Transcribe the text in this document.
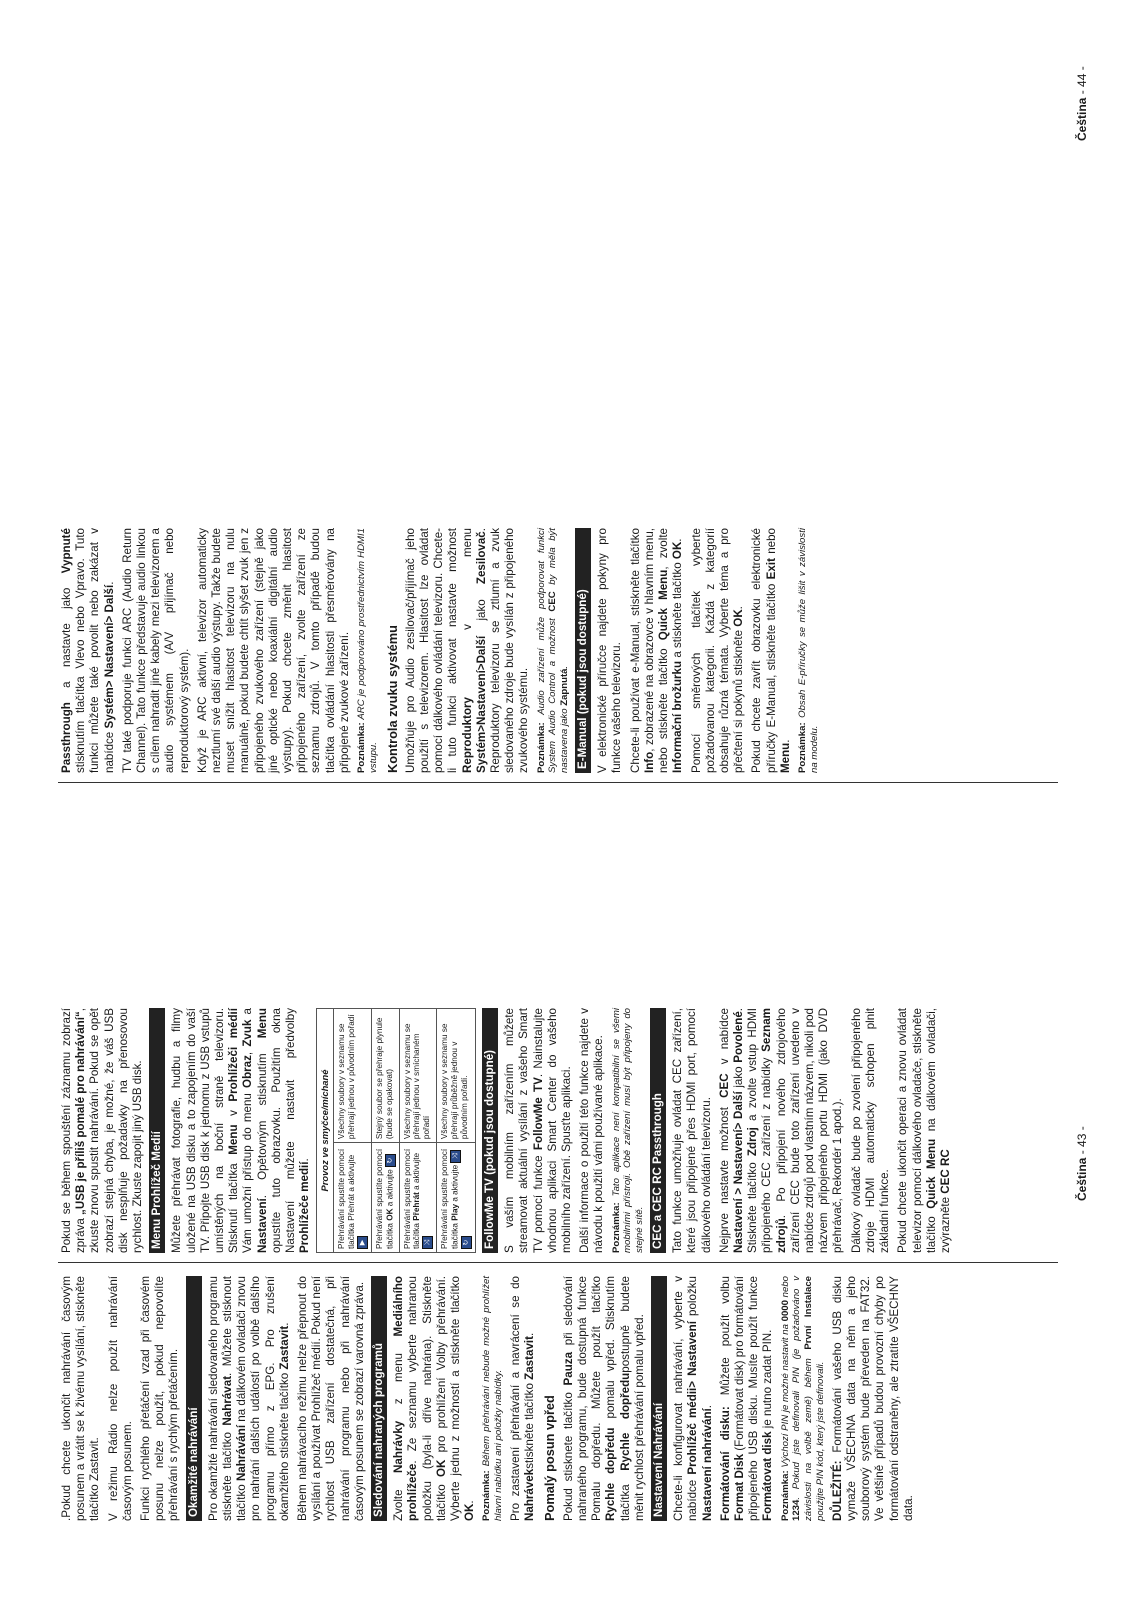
.Pokud chcete ukončit nahrávání časovým posunem a vrátit se k živému vysílání, stiskněte tlačítko Zastavit. V režimu Rádio nelze použít nahrávání časovým posunem. Funkci rychlého přetáčení vzad při časovém posunu nelze použít, pokud nepovolíte přehrávání s rychlým přetáčením. Okamžité nahrávání Pro okamžité nahrávání sledovaného programu stiskněte tlačítko Nahrávat. Můžete stisknout tlačítko Nahrávání na dálkovém ovladači znovu pro nahrání dalších událostí po volbě dalšího programu přímo z EPG. Pro zrušení okamžitého stiskněte tlačítko Zastavit. Během nahrávacího režimu nelze přepnout do vysílání a používat Prohlížeč médií. Pokud není rychlost USB zařízení dostatečná, při nahrávání programu nebo při nahrávání časovým posunem se zobrazí varovná zpráva. Sledování nahraných programů Zvolte Nahrávky z menu Mediálního prohlížeče. Ze seznamu vyberte nahranou položku (byla-li dříve nahrána). Stiskněte tlačítko OK pro prohlížení Volby přehrávání. Vyberte jednu z možností a stiskněte tlačítko OK. Poznámka: Během přehrávání nebude možné prohlížet hlavní nabídku ani položky nabídky. Pro zastavení přehrávání a navrácení se do Nahrávekstiskněte tlačítko Zastavit.

Pomalý posun vpřed Pokud stisknete tlačítko Pauza při sledování nahraného programu, bude dostupná funkce Pomalu dopředu. Můžete použít tlačítko Rychle dopředu pomalu vpřed. Stisknutím tlačítka Rychle dopředupostupně budete měnit rychlost přehrávání pomalu vpřed. Nastavení Nahrávání Chcete-li konfigurovat nahrávání, vyberte v nabídce Prohlížeč médii> Nastavení položku Nastavení nahrávání. Formátování disku: Můžete použít volbu Format Disk (Formátovat disk) pro formátování připojeného USB disku. Musíte použít funkce Formátovat disk je nutno zadat PIN.

Poznámka: Výchozí PIN je možné nastavit na 0000 nebo 1234. Pokud jste definovali PIN (je požadováno v závislosti na volbě země) během První Instalace použijte PIN kód, který jste definovali. DŮLEŽITÉ: Formátování vašeho USB disku vymaže VŠECHNA data na něm a jeho souborový systém bude převeden na FAT32. Ve většině případů budou provozní chyby po formátování odstraněny, ale ztratíte VŠECHNY data.

Pokud se během spouštění záznamu zobrazí zpráva „USB je příliš pomalé pro nahrávání“, zkuste znovu spustit nahrávání. Pokud se opět zobrazí stejná chyba, je možné, že váš USB disk nesplňuje požadavky na přenosovou rychlost. Zkuste zapojit jiný USB disk. Menu Prohlížeč Medií Můžete přehrávat fotografie, hudbu a filmy uložené na USB disku a to zapojením do vaší TV. Připojte USB disk k jednomu z USB vstupů umístěných na boční straně televizoru. Stisknutí tlačítka Menu v Prohlížeči médií Vám umožní přístup do menu Obraz, Zvuk a Nastavení. Opětovným stisknutím Menu opustíte tuto obrazovku. Použitím okna Nastavení můžete nastavit předvolby Prohlížeče medií. Provoz ve smyčce/míchané	
Přehrávání spustíte pomocí tlačítka Přehrát a aktivujte ▶	Všechny soubory v seznamu se přehrají jednou v původním pořadí
Přehrávání spustíte pomocí tlačítka OK a aktivujte ↻	Stejný soubor se přehraje plynule (bude se opakovat)
Přehrávání spustíte pomocí tlačítka Přehrát a aktivujte ⤨	Všechny soubory v seznamu se přehrají jednou v smíchaném pořadí
Přehrávání spustíte pomocí tlačítka Play a aktivujte ⤨ ↻	Všechny soubory v seznamu se přehrají průběžně jednou v původním pořadí. FollowMe TV (pokud jsou dostupné) S vaším mobilním zařízením můžete streamovat aktuální vysílání z vašeho Smart TV pomocí funkce FollowMe TV. Nainstalujte vhodnou aplikaci Smart Center do vašeho mobilního zařízení. Spusťte aplikaci. Další informace o použití této funkce najdete v návodu k použití vámi používané aplikace. Poznámka: Tato aplikace není kompatibilní se všemi mobilními přístroji. Obě zařízení musí být připojeny do stejné sítě. CEC a CEC RC Passthrough Tato funkce umožňuje ovládat CEC zařízení, které jsou připojené přes HDMI port, pomocí dálkového ovládání televizoru. Nejprve nastavte možnost CEC v nabídce Nastavení > Nastavení> Další jako Povolené. Stiskněte tlačítko Zdroj a zvolte vstup HDMI připojeného CEC zařízení z nabídky Seznam zdrojů. Po připojení nového zdrojového zařízení CEC bude toto zařízení uvedeno v nabídce zdrojů pod vlastním názvem, nikoli pod názvem připojeného portu HDMI (jako DVD přehrávač, Rekordér 1 apod.). Dálkový ovladač bude po zvolení připojeného zdroje HDMI automaticky schopen plnit základní funkce. Pokud chcete ukončit operaci a znovu ovládat televizor pomocí dálkového ovladače, stiskněte tlačítko Quick Menu na dálkovém ovladači, zvýrazněte CEC RC

Passthrough a nastavte jako Vypnuté stisknutím tlačítka Vlevo nebo Vpravo. Tuto funkci můžete také povolit nebo zakázat v nabídce Systém> Nastavení> Další. TV také podporuje funkci ARC (Audio Return Channel). Tato funkce představuje audio linkou s cílem nahradit jiné kabely mezi televizorem a audio systémem (A/V přijímač nebo reproduktorový systém). Když je ARC aktivní, televizor automaticky neztlumí své další audio výstupy. Takže budete muset snížit hlasitost televizoru na nulu manuálně, pokud budete chtít slyšet zvuk jen z připojeného zvukového zařízení (stejně jako jiné optické nebo koaxiální digitální audio výstupy). Pokud chcete změnit hlasitost připojeného zařízení, zvolte zařízení ze seznamu zdrojů. V tomto případě budou tlačítka ovládání hlasitosti přesměrovány na připojené zvukové zařízení. Poznámka: ARC je podporováno prostřednictvím HDMI1 vstupu. Kontrola zvuku systému Umožňuje pro Audio zesilovač/přijímač jeho použití s televizorem. Hlasitost lze ovládat pomocí dálkového ovládání televizoru. Chcete-li tuto funkci aktivovat nastavte možnost Reproduktory v menu Systém>Nastavení>Další jako Zesilovač. Reproduktory televizoru se ztlumí a zvuk sledovaného zdroje bude vysílán z připojeného zvukového systému. Poznámka: Audio zařízení může podporovat funkci System Audio Control a možnost CEC by měla být nastavena jako Zapnutá. E-Manual (pokud jsou dostupné) V elektronické příručce najdete pokyny pro funkce vašeho televizoru. Chcete-li používat e-Manual, stiskněte tlačítko Info, zobrazené na obrazovce v hlavním menu, nebo stiskněte tlačítko Quick Menu, zvolte Informační brožurku a stiskněte tlačítko OK. Pomocí směrových tlačítek vyberte požadovanou kategorii. Každá z kategorií obsahuje různá témata. Vyberte téma a pro přečtení si pokynů stiskněte OK. Pokud chcete zavřít obrazovku elektronické příručky E-Manual, stiskněte tlačítko Exit nebo Menu. Poznámka: Obsah E-příručky se může lišit v závislosti na modelu.

Čeština - 43 -
Čeština - 44 -
